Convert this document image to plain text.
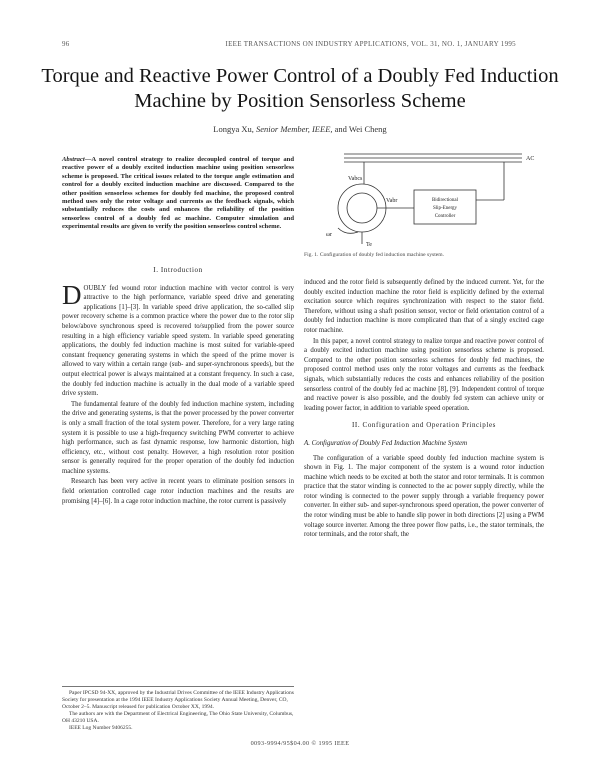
96	IEEE TRANSACTIONS ON INDUSTRY APPLICATIONS, VOL. 31, NO. 1, JANUARY 1995
Torque and Reactive Power Control of a Doubly Fed Induction Machine by Position Sensorless Scheme
Longya Xu, Senior Member, IEEE, and Wei Cheng
Abstract—A novel control strategy to realize decoupled control of torque and reactive power of a doubly excited induction machine using position sensorless scheme is proposed. The critical issues related to the torque angle estimation and control for a doubly excited induction machine are discussed. Compared to the other position sensorless schemes for doubly fed machine, the proposed control method uses only the rotor voltage and currents as the feedback signals, which substantially reduces the costs and enhances the reliability of the position sensorless control of a doubly fed ac machine. Computer simulation and experimental results are given to verify the position sensorless control scheme.
Vabcs
Vabr	Bidirectional
Slip-Energy
Controller
ωr
Te
AC
Fig. 1. Configuration of doubly fed induction machine system.
I. Introduction

DOUBLY fed wound rotor induction machine with vector control is very attractive to the high performance, variable speed drive and generating applications [1]–[3]. In variable speed drive application, the so-called slip power recovery scheme is a common practice where the power due to the rotor slip below/above synchronous speed is recovered to/supplied from the power source resulting in a high efficiency variable speed system. In variable speed generating applications, the doubly fed induction machine is most suited for variable-speed constant frequency generating systems in which the speed of the prime mover is allowed to vary within a certain range (sub- and super-synchronous speeds), but the output electrical power is always maintained at a constant frequency. In such a case, the doubly fed induction machine is actually in the dual mode of a variable speed drive system.

The fundamental feature of the doubly fed induction machine system, including the drive and generating systems, is that the power processed by the power converter is only a small fraction of the total system power. Therefore, for a very large rating system it is possible to use a high-frequency switching PWM converter to achieve high performance, such as fast dynamic response, low harmonic distortion, high efficiency, etc., without cost penalty. However, a high resolution rotor position sensor is generally required for the proper operation of the doubly fed induction machine systems.

Research has been very active in recent years to eliminate position sensors in field orientation controlled cage rotor induction machines and the results are promising [4]–[6]. In a cage rotor induction machine, the rotor current is passively

induced and the rotor field is subsequently defined by the induced current. Yet, for the doubly excited induction machine the rotor field is explicitly defined by the external excitation source which requires synchronization with respect to the stator field. Therefore, without using a shaft position sensor, vector or field orientation control of a doubly fed induction machine is more complicated than that of a singly excited cage rotor machine.

In this paper, a novel control strategy to realize torque and reactive power control of a doubly excited induction machine using position sensorless scheme is proposed. Compared to the other position sensorless schemes for doubly fed machines, the proposed control method uses only the rotor voltages and currents as the feedback signals, which substantially reduces the costs and enhances reliability of the position sensorless control of the doubly fed ac machine [8], [9]. Independent control of torque and reactive power is also possible, and the doubly fed system can achieve unity or leading power factor, in addition to variable speed operation.

II. Configuration and Operation Principles
A. Configuration of Doubly Fed Induction Machine System

The configuration of a variable speed doubly fed induction machine system is shown in Fig. 1. The major component of the system is a wound rotor induction machine which needs to be excited at both the stator and rotor terminals. It is common practice that the stator winding is connected to the ac power supply directly, while the rotor winding is connected to the power supply through a variable frequency power converter. In either sub- and super-synchronous speed operation, the power converter of the rotor winding must be able to handle slip power in both directions [2] using a PWM voltage source inverter. Among the three power flow paths, i.e., the stator terminals, the rotor terminals, and the rotor shaft, the

Paper IPCSD 94-XX, approved by the Industrial Drives Committee of the IEEE Industry Applications Society for presentation at the 1994 IEEE Industry Applications Society Annual Meeting, Denver, CO, October 2–5. Manuscript released for publication October XX, 1994.

The authors are with the Department of Electrical Engineering, The Ohio State University, Columbus, OH 43210 USA.

IEEE Log Number 9406255.

0093-9994/95$04.00 © 1995 IEEE
